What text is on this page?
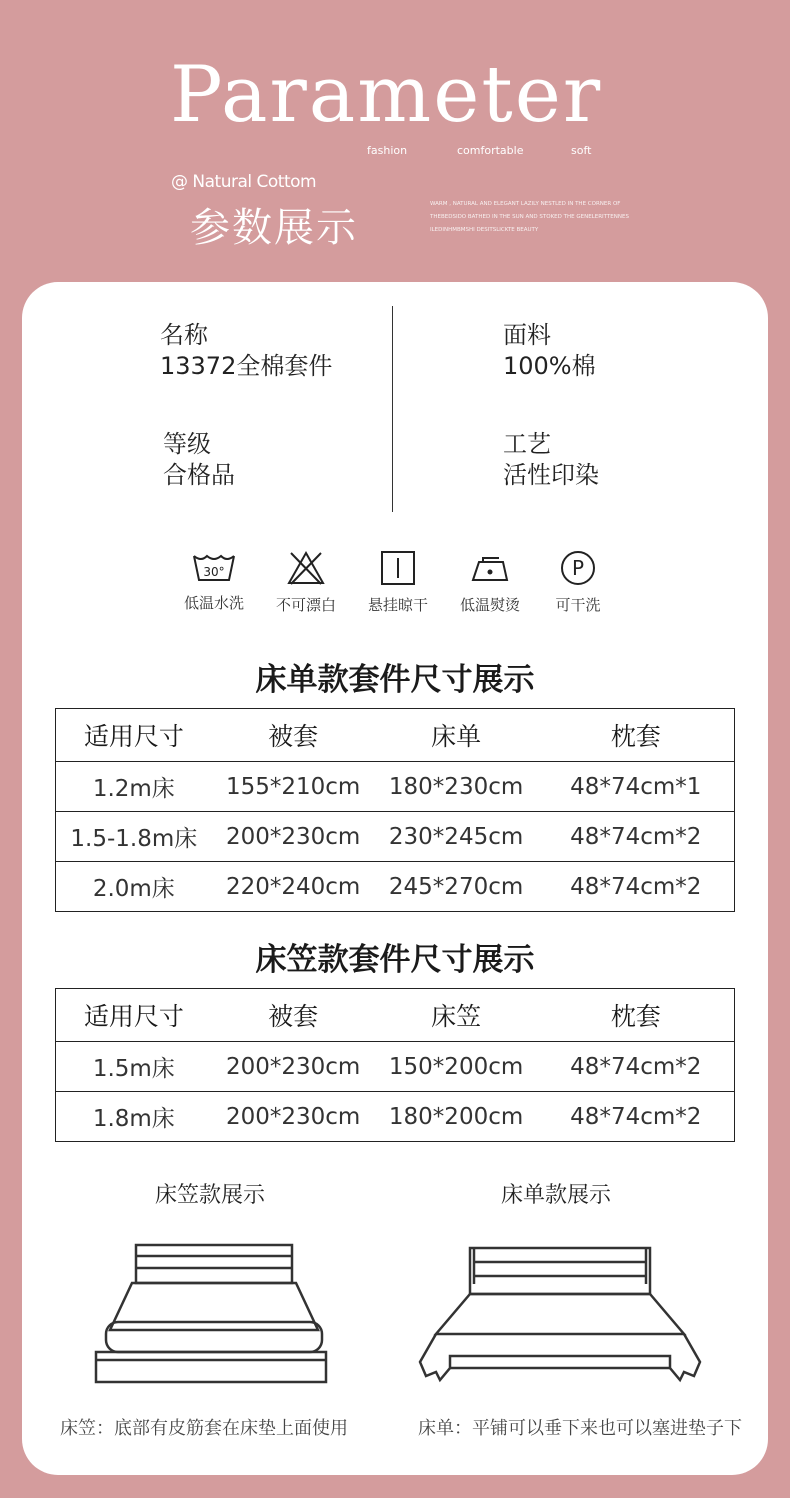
Parameter
fashion	comfortable	soft
@ Natural Cottom
参数展示
WARM , NATURAL AND ELEGANT LAZILY NESTLED IN THE CORNER OF THEBEDSIDO BATHED IN THE SUN AND STOKED THE GENELERITTENNES ILEDINHMBMSHI DESITSLICKTE BEAUTY
名称
13372全棉套件
面料
100%棉
等级
合格品
工艺
活性印染
30°
低温水洗	不可漂白	悬挂晾干	低温熨烫
P
可干洗
床单款套件尺寸展示
适用尺寸	被套	床单	枕套
1.2m床	155*210cm	180*230cm	48*74cm*1
1.5-1.8m床	200*230cm	230*245cm	48*74cm*2
2.0m床	220*240cm	245*270cm	48*74cm*2
床笠款套件尺寸展示
适用尺寸	被套	床笠	枕套
1.5m床	200*230cm	150*200cm	48*74cm*2
1.8m床	200*230cm	180*200cm	48*74cm*2
床笠款展示	床单款展示
床笠：底部有皮筋套在床垫上面使用	床单：平铺可以垂下来也可以塞进垫子下
